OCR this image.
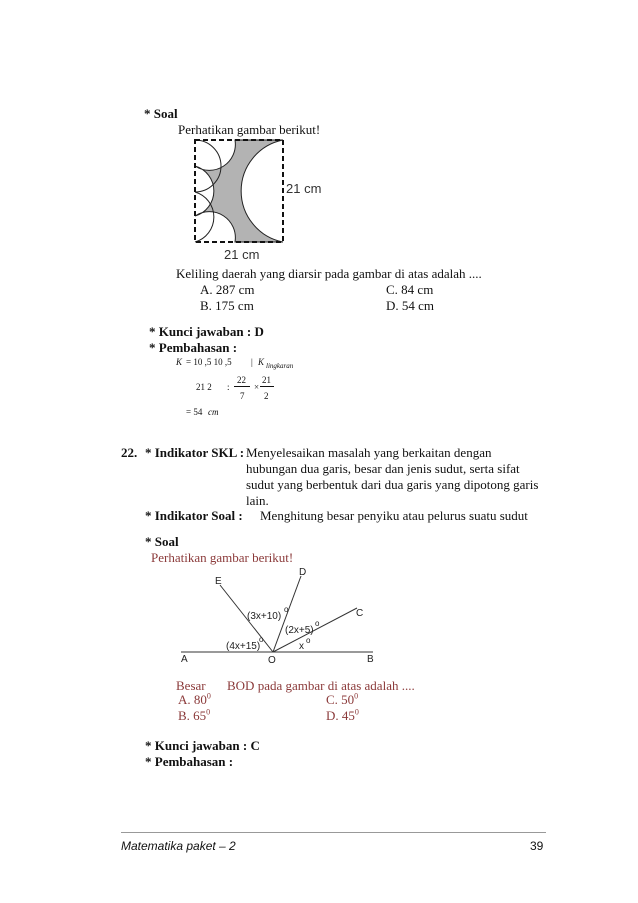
* Soal
Perhatikan gambar berikut!
21 cm
21 cm
Keliling daerah yang diarsir pada gambar di atas adalah ....
A. 287 cm	C. 84 cm
B. 175 cm	D. 54 cm
* Kunci jawaban : D
* Pembahasan :
K = 10 ,5 10 ,5 | K lingkaran
21 2 :
22
7
×
21
2
= 54 cm
22. * Indikator SKL : Menyelesaikan masalah yang berkaitan dengan
hubungan dua garis, besar dan jenis sudut, serta sifat
sudut yang berbentuk dari dua garis yang dipotong garis
lain.
* Indikator Soal : Menghitung besar penyiku atau pelurus suatu sudut
* Soal
Perhatikan gambar berikut!
E
D
C
A	O	B
(3x+10)
o
(2x+5)
o
(4x+15)
o
x
o
Besar BOD pada gambar di atas adalah ....
A. $80^0$	C. $50^0$
B. $65^0$	D. $45^0$
* Kunci jawaban : C
* Pembahasan :
Matematika paket – 2	39
